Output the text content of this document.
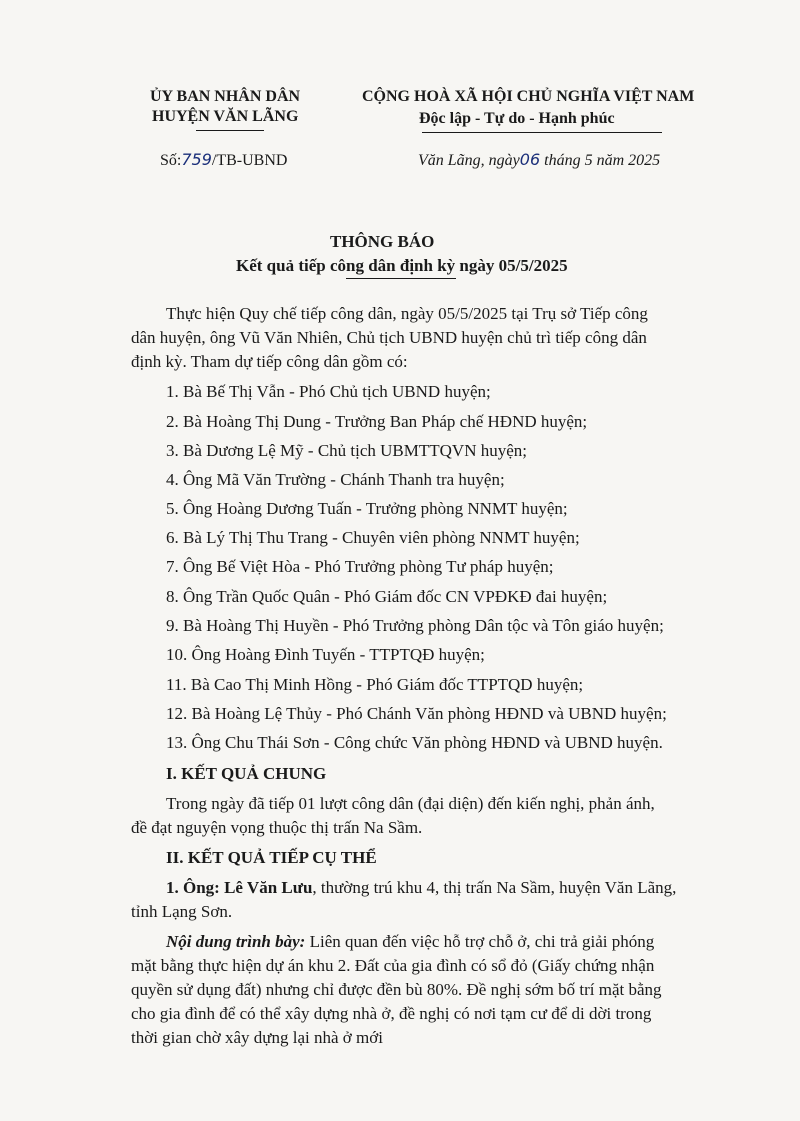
ỦY BAN NHÂN DÂN
HUYỆN VĂN LÃNG
CỘNG HOÀ XÃ HỘI CHỦ NGHĨA VIỆT NAM
Độc lập - Tự do - Hạnh phúc
Số:759/TB-UBND	Văn Lãng, ngày06 tháng 5 năm 2025
THÔNG BÁO
Kết quả tiếp công dân định kỳ ngày 05/5/2025
Thực hiện Quy chế tiếp công dân, ngày 05/5/2025 tại Trụ sở Tiếp công
dân huyện, ông Vũ Văn Nhiên, Chủ tịch UBND huyện chủ trì tiếp công dân
định kỳ. Tham dự tiếp công dân gồm có:
1. Bà Bế Thị Vẫn - Phó Chủ tịch UBND huyện;
2. Bà Hoàng Thị Dung - Trưởng Ban Pháp chế HĐND huyện;
3. Bà Dương Lệ Mỹ - Chủ tịch UBMTTQVN huyện;
4. Ông Mã Văn Trường - Chánh Thanh tra huyện;
5. Ông Hoàng Dương Tuấn - Trưởng phòng NNMT huyện;
6. Bà Lý Thị Thu Trang - Chuyên viên phòng NNMT huyện;
7. Ông Bế Việt Hòa - Phó Trưởng phòng Tư pháp huyện;
8. Ông Trần Quốc Quân - Phó Giám đốc CN VPĐKĐ đai huyện;
9. Bà Hoàng Thị Huyền - Phó Trưởng phòng Dân tộc và Tôn giáo huyện;
10. Ông Hoàng Đình Tuyến - TTPTQĐ huyện;
11. Bà Cao Thị Minh Hồng - Phó Giám đốc TTPTQD huyện;
12. Bà Hoàng Lệ Thủy - Phó Chánh Văn phòng HĐND và UBND huyện;
13. Ông Chu Thái Sơn - Công chức Văn phòng HĐND và UBND huyện.
I. KẾT QUẢ CHUNG
Trong ngày đã tiếp 01 lượt công dân (đại diện) đến kiến nghị, phản ánh,
đề đạt nguyện vọng thuộc thị trấn Na Sầm.
II. KẾT QUẢ TIẾP CỤ THỂ
1. Ông: Lê Văn Lưu, thường trú khu 4, thị trấn Na Sầm, huyện Văn Lãng,
tỉnh Lạng Sơn.
Nội dung trình bày: Liên quan đến việc hỗ trợ chỗ ở, chi trả giải phóng
mặt bằng thực hiện dự án khu 2. Đất của gia đình có sổ đỏ (Giấy chứng nhận
quyền sử dụng đất) nhưng chỉ được đền bù 80%. Đề nghị sớm bố trí mặt bằng
cho gia đình để có thể xây dựng nhà ở, đề nghị có nơi tạm cư để di dời trong
thời gian chờ xây dựng lại nhà ở mới
